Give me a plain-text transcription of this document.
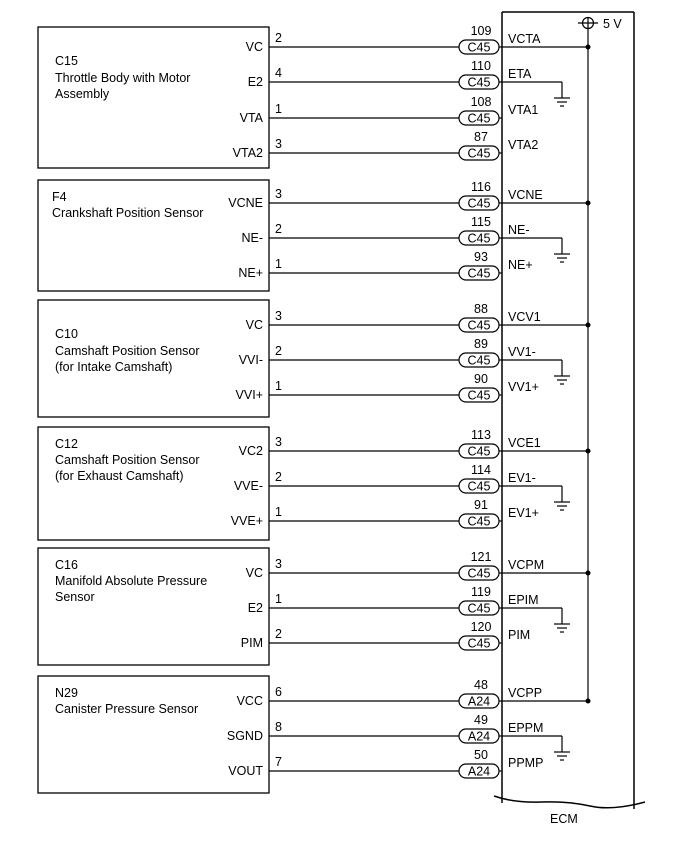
5 V
ECM
C15
Throttle Body with Motor
Assembly
VC
2	109
C45
VCTA
E2
4	110
C45
ETA
VTA
1	108
C45
VTA1
VTA2
3	87
C45
VTA2
F4
Crankshaft Position Sensor
VCNE
3	116
C45
VCNE
NE-
2	115
C45
NE-
NE+
1	93
C45
NE+
C10
Camshaft Position Sensor
(for Intake Camshaft)
VC
3	88
C45
VCV1
VVI-
2	89
C45
VV1-
VVI+
1	90
C45
VV1+
C12
Camshaft Position Sensor
(for Exhaust Camshaft)
VC2
3	113
C45
VCE1
VVE-
2	114
C45
EV1-
VVE+
1	91
C45
EV1+
C16
Manifold Absolute Pressure
Sensor
VC
3	121
C45
VCPM
E2
1	119
C45
EPIM
PIM
2	120
C45
PIM
N29
Canister Pressure Sensor
VCC
6	48
A24
VCPP
SGND
8	49
A24
EPPM
VOUT
7	50
A24
PPMP
